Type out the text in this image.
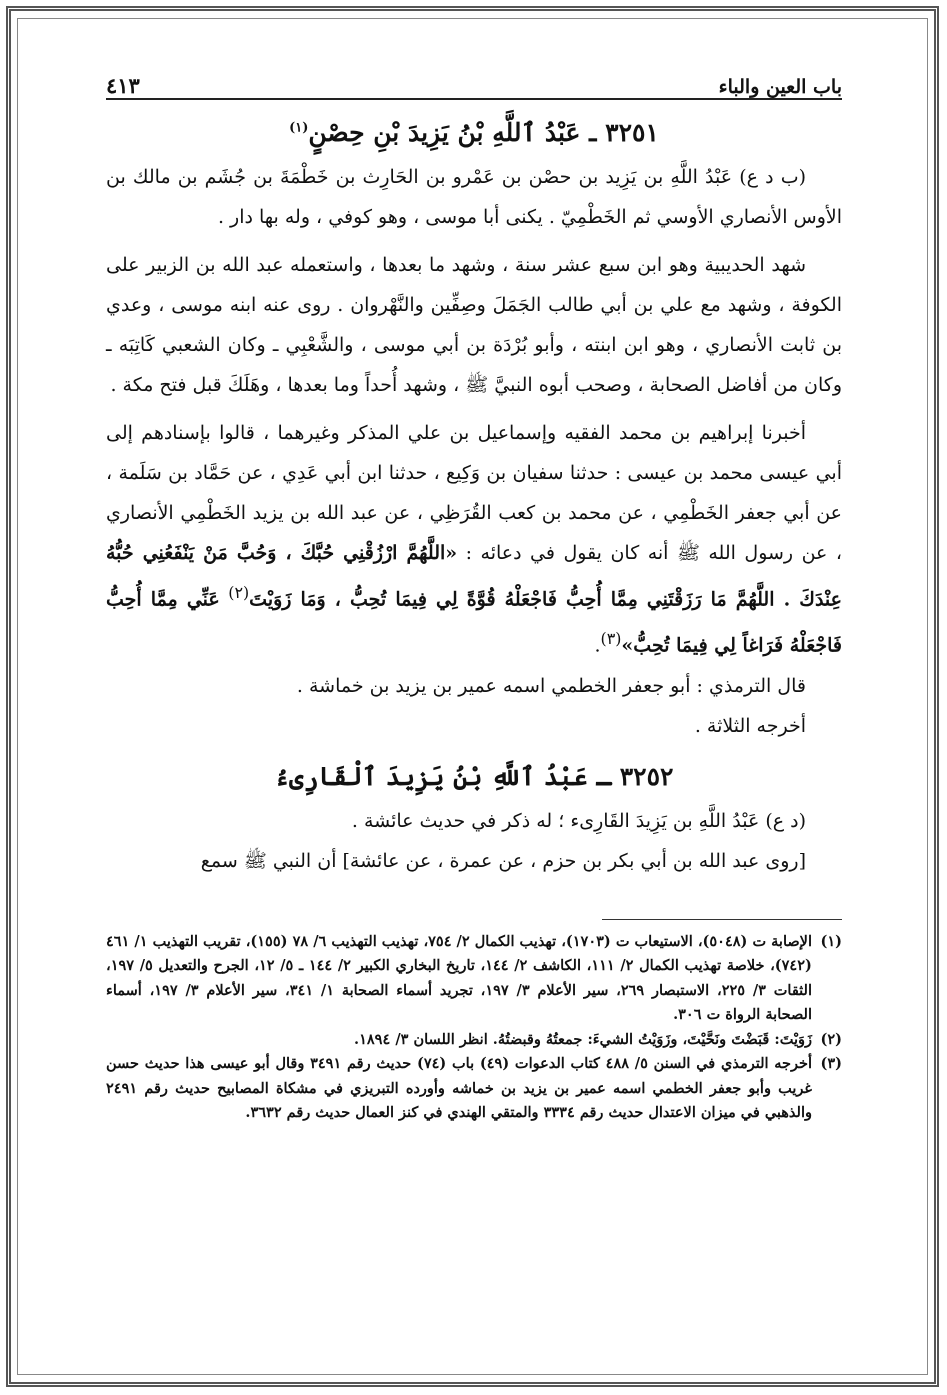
باب العين والباء
٤١٣
٣٢٥١ ـ عَبْدُ ٱللَّهِ بْنُ يَزِيدَ بْنِ حِصْنٍ$^{(١)}$

(ب د ع) عَبْدُ اللَّهِ بن يَزِيد بن حصْن بن عَمْرو بن الحَارِث بن خَطْمَةَ بن جُشَم بن مالك بن الأوس الأنصاري الأوسي ثم الخَطْمِيّ . يكنى أبا موسى ، وهو كوفي ، وله بها دار .

شهد الحديبية وهو ابن سبع عشر سنة ، وشهد ما بعدها ، واستعمله عبد الله بن الزبير على الكوفة ، وشهد مع علي بن أبي طالب الجَمَلَ وصِفِّين والنَّهْروان . روى عنه ابنه موسى ، وعدي بن ثابت الأنصاري ، وهو ابن ابنته ، وأبو بُرْدَة بن أبي موسى ، والشَّعْبِي ـ وكان الشعبي كَاتِبَه ـ وكان من أفاضل الصحابة ، وصحب أبوه النبيَّ ﷺ ، وشهد أُحداً وما بعدها ، وهَلَكَ قبل فتح مكة .

أخبرنا إبراهيم بن محمد الفقيه وإسماعيل بن علي المذكر وغيرهما ، قالوا بإسنادهم إلى أبي عيسى محمد بن عيسى : حدثنا سفيان بن وَكِيع ، حدثنا ابن أبي عَدِي ، عن حَمَّاد بن سَلَمة ، عن أبي جعفر الخَطْمِي ، عن محمد بن كعب القُرَظِي ، عن عبد الله بن يزيد الخَطْمِي الأنصاري ، عن رسول الله ﷺ أنه كان يقول في دعائه : «اللَّهُمَّ ارْزُقْنِي حُبَّكَ ، وَحُبَّ مَنْ يَنْفَعُنِي حُبُّهُ عِنْدَكَ . اللَّهُمَّ مَا رَزَقْتَنِي مِمَّا أُحِبُّ فَاجْعَلْهُ قُوَّةً لِي فِيمَا تُحِبُّ ، وَمَا زَوَيْتَ$^{(٢)}$ عَنِّي مِمَّا أُحِبُّ فَاجْعَلْهُ فَرَاغاً لِي فِيمَا تُحِبُّ»$^{(٣)}$.

قال الترمذي : أبو جعفر الخطمي اسمه عمير بن يزيد بن خماشة .

أخرجه الثلاثة .

٣٢٥٢ ـ عَبْدُ ٱللَّهِ بْنُ يَزِيدَ ٱلْقَارِىءُ

(د ع) عَبْدُ اللَّهِ بن يَزِيدَ القَارِىء ؛ له ذكر في حديث عائشة .

[روى عبد الله بن أبي بكر بن حزم ، عن عمرة ، عن عائشة] أن النبي ﷺ سمع

(١)
الإصابة ت (٥٠٤٨)، الاستيعاب ت (١٧٠٣)، تهذيب الكمال ٢/ ٧٥٤، تهذيب التهذيب ٦/ ٧٨ (١٥٥)، تقريب التهذيب ١/ ٤٦١ (٧٤٢)، خلاصة تهذيب الكمال ٢/ ١١١، الكاشف ٢/ ١٤٤، تاريخ البخاري الكبير ٢/ ١٤٤ ـ ٥/ ١٢، الجرح والتعديل ٥/ ١٩٧، الثقات ٣/ ٢٢٥، الاستبصار ٢٦٩، سير الأعلام ٣/ ١٩٧، تجريد أسماء الصحابة ١/ ٣٤١، سير الأعلام ٣/ ١٩٧، أسماء الصحابة الرواة ت ٣٠٦.
(٢)
زَوَيْتَ: قَبَضْتَ ونَحَّيْتَ، وزَوَيْتُ الشيءَ: جمعتُهُ وقبضتُهُ. انظر اللسان ٣/ ١٨٩٤.
(٣)
أخرجه الترمذي في السنن ٥/ ٤٨٨ كتاب الدعوات (٤٩) باب (٧٤) حديث رقم ٣٤٩١ وقال أبو عيسى هذا حديث حسن غريب وأبو جعفر الخطمي اسمه عمير بن يزيد بن خماشه وأورده التبريزي في مشكاة المصابيح حديث رقم ٢٤٩١ والذهبي في ميزان الاعتدال حديث رقم ٣٣٣٤ والمتقي الهندي في كنز العمال حديث رقم ٣٦٣٢.
